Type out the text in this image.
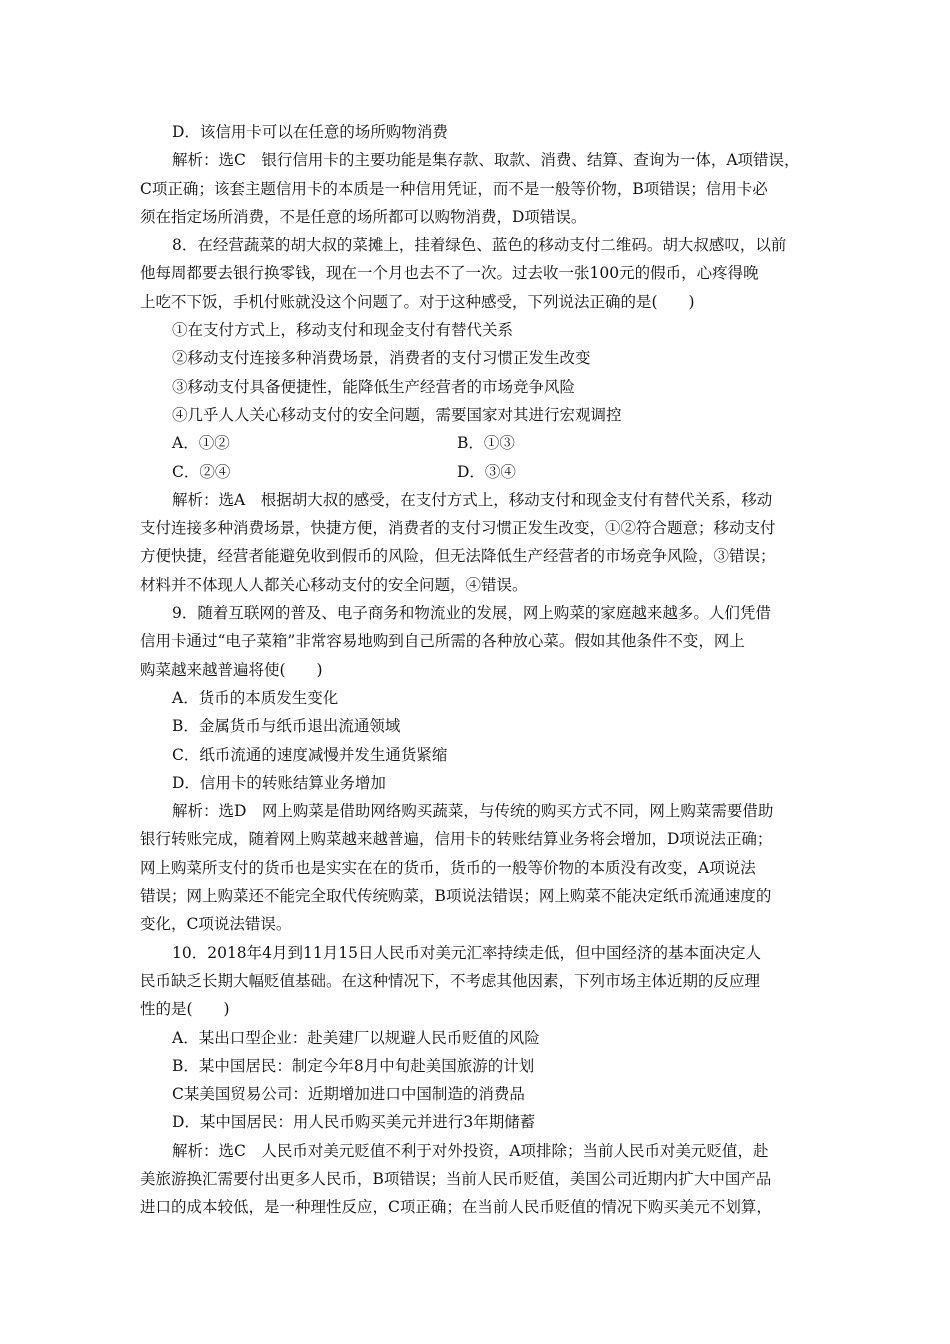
D．该信用卡可以在任意的场所购物消费
解析：选C　银行信用卡的主要功能是集存款、取款、消费、结算、查询为一体，A项错误，
C项正确；该套主题信用卡的本质是一种信用凭证，而不是一般等价物，B项错误；信用卡必
须在指定场所消费，不是任意的场所都可以购物消费，D项错误。
8．在经营蔬菜的胡大叔的菜摊上，挂着绿色、蓝色的移动支付二维码。胡大叔感叹，以前
他每周都要去银行换零钱，现在一个月也去不了一次。过去收一张100元的假币，心疼得晚
上吃不下饭，手机付账就没这个问题了。对于这种感受，下列说法正确的是(　　)
①在支付方式上，移动支付和现金支付有替代关系
②移动支付连接多种消费场景，消费者的支付习惯正发生改变
③移动支付具备便捷性，能降低生产经营者的市场竞争风险
④几乎人人关心移动支付的安全问题，需要国家对其进行宏观调控
A．①②	B．①③
C．②④	D．③④
解析：选A　根据胡大叔的感受，在支付方式上，移动支付和现金支付有替代关系，移动
支付连接多种消费场景，快捷方便，消费者的支付习惯正发生改变，①②符合题意；移动支付
方便快捷，经营者能避免收到假币的风险，但无法降低生产经营者的市场竞争风险，③错误；
材料并不体现人人都关心移动支付的安全问题，④错误。
9．随着互联网的普及、电子商务和物流业的发展，网上购菜的家庭越来越多。人们凭借
信用卡通过“电子菜箱”非常容易地购到自己所需的各种放心菜。假如其他条件不变，网上
购菜越来越普遍将使(　　)
A．货币的本质发生变化
B．金属货币与纸币退出流通领域
C．纸币流通的速度减慢并发生通货紧缩
D．信用卡的转账结算业务增加
解析：选D　网上购菜是借助网络购买蔬菜，与传统的购买方式不同，网上购菜需要借助
银行转账完成，随着网上购菜越来越普遍，信用卡的转账结算业务将会增加，D项说法正确；
网上购菜所支付的货币也是实实在在的货币，货币的一般等价物的本质没有改变，A项说法
错误；网上购菜还不能完全取代传统购菜，B项说法错误；网上购菜不能决定纸币流通速度的
变化，C项说法错误。
10．2018年4月到11月15日人民币对美元汇率持续走低，但中国经济的基本面决定人
民币缺乏长期大幅贬值基础。在这种情况下，不考虑其他因素，下列市场主体近期的反应理
性的是(　　)
A．某出口型企业：赴美建厂以规避人民币贬值的风险
B．某中国居民：制定今年8月中旬赴美国旅游的计划
C某美国贸易公司：近期增加进口中国制造的消费品
D．某中国居民：用人民币购买美元并进行3年期储蓄
解析：选C　人民币对美元贬值不利于对外投资，A项排除；当前人民币对美元贬值，赴
美旅游换汇需要付出更多人民币，B项错误；当前人民币贬值，美国公司近期内扩大中国产品
进口的成本较低，是一种理性反应，C项正确；在当前人民币贬值的情况下购买美元不划算，
